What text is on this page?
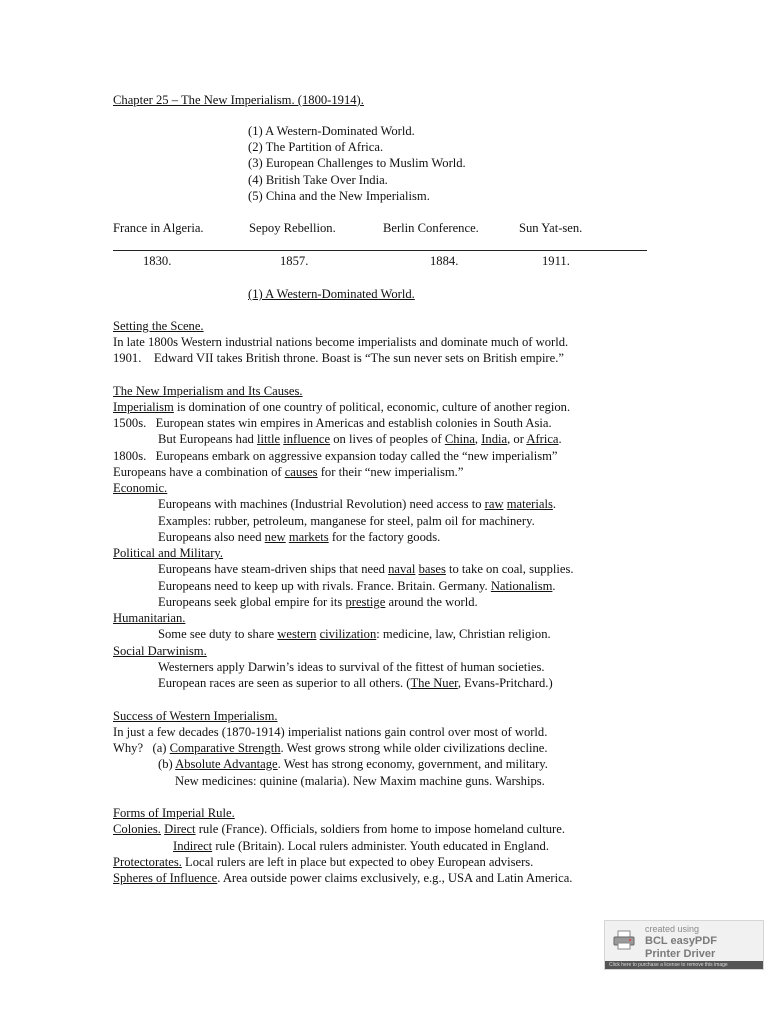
Chapter 25 – The New Imperialism. (1800-1914).
(1) A Western-Dominated World.
(2) The Partition of Africa.
(3) European Challenges to Muslim World.
(4) British Take Over India.
(5) China and the New Imperialism.
France in Algeria.	Sepoy Rebellion.	Berlin Conference.	Sun Yat-sen.
1830.	1857.	1884.	1911.
(1) A Western-Dominated World.
Setting the Scene.
In late 1800s Western industrial nations become imperialists and dominate much of world.
1901.    Edward VII takes British throne. Boast is “The sun never sets on British empire.”
The New Imperialism and Its Causes.
Imperialism is domination of one country of political, economic, culture of another region.
1500s.   European states win empires in Americas and establish colonies in South Asia.
But Europeans had little influence on lives of peoples of China, India, or Africa.
1800s.   Europeans embark on aggressive expansion today called the “new imperialism”
Europeans have a combination of causes for their “new imperialism.”
Economic.
Europeans with machines (Industrial Revolution) need access to raw materials.
Examples: rubber, petroleum, manganese for steel, palm oil for machinery.
Europeans also need new markets for the factory goods.
Political and Military.
Europeans have steam-driven ships that need naval bases to take on coal, supplies.
Europeans need to keep up with rivals. France. Britain. Germany. Nationalism.
Europeans seek global empire for its prestige around the world.
Humanitarian.
Some see duty to share western civilization: medicine, law, Christian religion.
Social Darwinism.
Westerners apply Darwin’s ideas to survival of the fittest of human societies.
European races are seen as superior to all others. (The Nuer, Evans-Pritchard.)
Success of Western Imperialism.
In just a few decades (1870-1914) imperialist nations gain control over most of world.
Why?   (a) Comparative Strength. West grows strong while older civilizations decline.
(b) Absolute Advantage. West has strong economy, government, and military.
New medicines: quinine (malaria). New Maxim machine guns. Warships.
Forms of Imperial Rule.
Colonies. Direct rule (France). Officials, soldiers from home to impose homeland culture.
Indirect rule (Britain). Local rulers administer. Youth educated in England.
Protectorates. Local rulers are left in place but expected to obey European advisers.
Spheres of Influence. Area outside power claims exclusively, e.g., USA and Latin America.
created using
BCL easyPDF
Printer Driver
Click here to purchase a license to remove this image
